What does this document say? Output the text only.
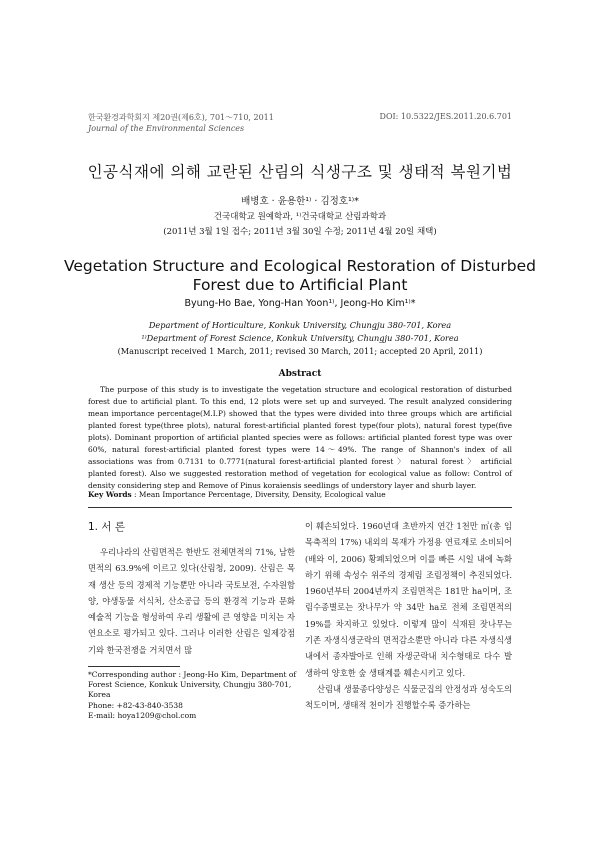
한국환경과학회지 제20권(제6호), 701～710, 2011
Journal of the Environmental Sciences
DOI: 10.5322/JES.2011.20.6.701
인공식재에 의해 교란된 산림의 식생구조 및 생태적 복원기법
배병호 · 윤용한¹⁾ · 김정호¹⁾*
건국대학교 원예학과, ¹⁾건국대학교 산림과학과
(2011년 3월 1일 접수; 2011년 3월 30일 수정; 2011년 4월 20일 채택)
Vegetation Structure and Ecological Restoration of Disturbed Forest due to Artificial Plant
Byung-Ho Bae, Yong-Han Yoon¹⁾, Jeong-Ho Kim¹⁾*
Department of Horticulture, Konkuk University, Chungju 380-701, Korea
¹⁾Department of Forest Science, Konkuk University, Chungju 380-701, Korea
(Manuscript received 1 March, 2011; revised 30 March, 2011; accepted 20 April, 2011)
Abstract
The purpose of this study is to investigate the vegetation structure and ecological restoration of disturbed forest due to artificial plant. To this end, 12 plots were set up and surveyed. The result analyzed considering mean importance percentage(M.I.P) showed that the types were divided into three groups which are artificial planted forest type(three plots), natural forest-artificial planted forest type(four plots), natural forest type(five plots). Dominant proportion of artificial planted species were as follows: artificial planted forest type was over 60%, natural forest-artificial planted forest types were 14～49%. The range of Shannon's index of all associations was from 0.7131 to 0.7771(natural forest-artificial planted forest 〉 natural forest 〉 artificial planted forest). Also we suggested restoration method of vegetation for ecological value as follow: Control of density considering step and Remove of Pinus koraiensis seedlings of understory layer and shurb layer.
Key Words : Mean Importance Percentage, Diversity, Density, Ecological value
1. 서 론

우리나라의 산림면적은 한반도 전체면적의 71%, 남한면적의 63.9%에 이르고 있다(산림청, 2009). 산림은 목재 생산 등의 경제적 기능뿐만 아니라 국토보전, 수자원함양, 야생동물 서식처, 산소공급 등의 환경적 기능과 문화예술적 기능을 형성하여 우리 생활에 큰 영향을 미치는 자연요소로 평가되고 있다. 그러나 이러한 산림은 일제강점기와 한국전쟁을 거치면서 많

이 훼손되었다. 1960년대 초반까지 연간 1천만 ㎥(총 임목축적의 17%) 내외의 목재가 가정용 연료재로 소비되어(배와 이, 2006) 황폐되었으며 이를 빠른 시일 내에 녹화하기 위해 속성수 위주의 경제림 조림정책이 추진되었다. 1960년부터 2004년까지 조림면적은 181만 ha이며, 조림수종별로는 잣나무가 약 34만 ha로 전체 조림면적의 19%를 차지하고 있었다. 이렇게 많이 식재된 잣나무는 기존 자생식생군락의 면적감소뿐만 아니라 다른 자생식생내에서 종자발아로 인해 자생군락내 치수형태로 다수 발생하여 양호한 숲 생태계를 훼손시키고 있다.

산림내 생물종다양성은 식물군집의 안정성과 성숙도의 척도이며, 생태적 천이가 진행할수록 증가하는

*Corresponding author : Jeong-Ho Kim, Department of Forest Science, Konkuk University, Chungju 380-701, Korea
Phone: +82-43-840-3538
E-mail: hoya1209@chol.com
